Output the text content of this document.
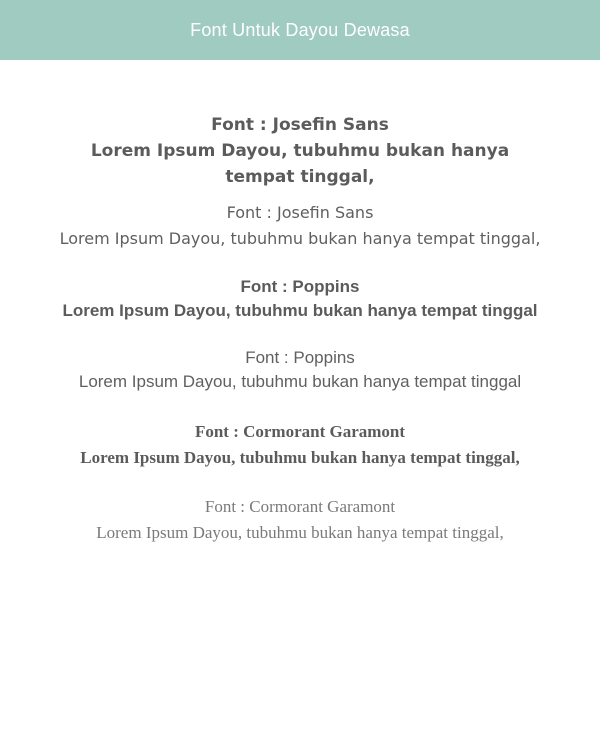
Font Untuk Dayou Dewasa
Font : Josefin Sans
Lorem Ipsum Dayou, tubuhmu bukan hanya tempat tinggal,
Font : Josefin Sans
Lorem Ipsum Dayou, tubuhmu bukan hanya tempat tinggal,
Font : Poppins
Lorem Ipsum Dayou, tubuhmu bukan hanya tempat tinggal
Font : Poppins
Lorem Ipsum Dayou, tubuhmu bukan hanya tempat tinggal
Font : Cormorant Garamont
Lorem Ipsum Dayou, tubuhmu bukan hanya tempat tinggal,
Font : Cormorant Garamont
Lorem Ipsum Dayou, tubuhmu bukan hanya tempat tinggal,
